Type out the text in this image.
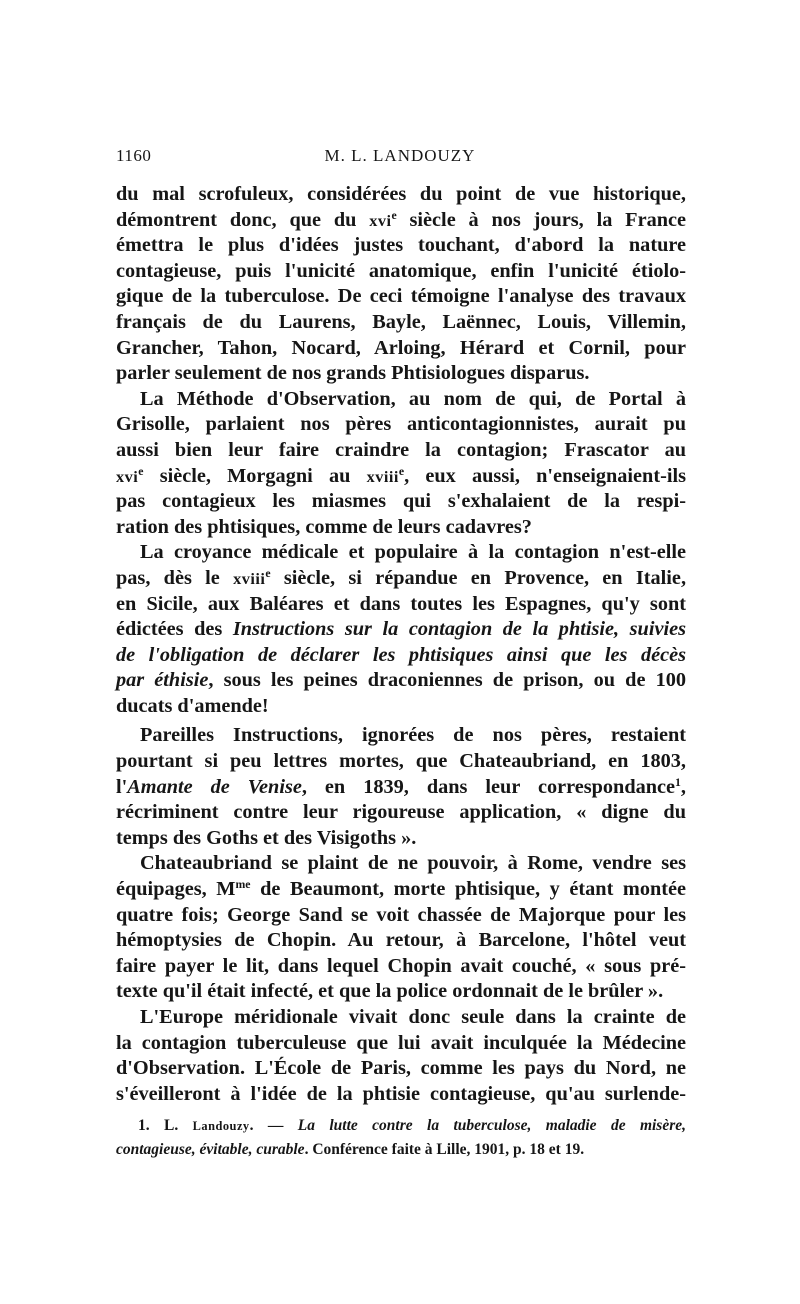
1160	M. L. LANDOUZY
du mal scrofuleux, considérées du point de vue historique,
démontrent donc, que du xvi$^e$ siècle à nos jours, la France
émettra le plus d'idées justes touchant, d'abord la nature
contagieuse, puis l'unicité anatomique, enfin l'unicité étiolo-
gique de la tuberculose. De ceci témoigne l'analyse des travaux
français de du Laurens, Bayle, Laënnec, Louis, Villemin,
Grancher, Tahon, Nocard, Arloing, Hérard et Cornil, pour
parler seulement de nos grands Phtisiologues disparus.
La Méthode d'Observation, au nom de qui, de Portal à
Grisolle, parlaient nos pères anticontagionnistes, aurait pu
aussi bien leur faire craindre la contagion; Frascator au
xvi$^e$ siècle, Morgagni au xviii$^e$, eux aussi, n'enseignaient-ils
pas contagieux les miasmes qui s'exhalaient de la respi-
ration des phtisiques, comme de leurs cadavres?
La croyance médicale et populaire à la contagion n'est-elle
pas, dès le xviii$^e$ siècle, si répandue en Provence, en Italie,
en Sicile, aux Baléares et dans toutes les Espagnes, qu'y sont
édictées des Instructions sur la contagion de la phtisie, suivies
de l'obligation de déclarer les phtisiques ainsi que les décès
par éthisie, sous les peines draconiennes de prison, ou de 100
ducats d'amende!
Pareilles Instructions, ignorées de nos pères, restaient
pourtant si peu lettres mortes, que Chateaubriand, en 1803,
l'Amante de Venise, en 1839, dans leur correspondance$^1$,
récriminent contre leur rigoureuse application, « digne du
temps des Goths et des Visigoths ».
Chateaubriand se plaint de ne pouvoir, à Rome, vendre ses
équipages, $M^{me}$ de Beaumont, morte phtisique, y étant montée
quatre fois; George Sand se voit chassée de Majorque pour les
hémoptysies de Chopin. Au retour, à Barcelone, l'hôtel veut
faire payer le lit, dans lequel Chopin avait couché, « sous pré-
texte qu'il était infecté, et que la police ordonnait de le brûler ».
L'Europe méridionale vivait donc seule dans la crainte de
la contagion tuberculeuse que lui avait inculquée la Médecine
d'Observation. L'École de Paris, comme les pays du Nord, ne
s'éveilleront à l'idée de la phtisie contagieuse, qu'au surlende-
1. L. Landouzy. — La lutte contre la tuberculose, maladie de misère,
contagieuse, évitable, curable. Conférence faite à Lille, 1901, p. 18 et 19.
